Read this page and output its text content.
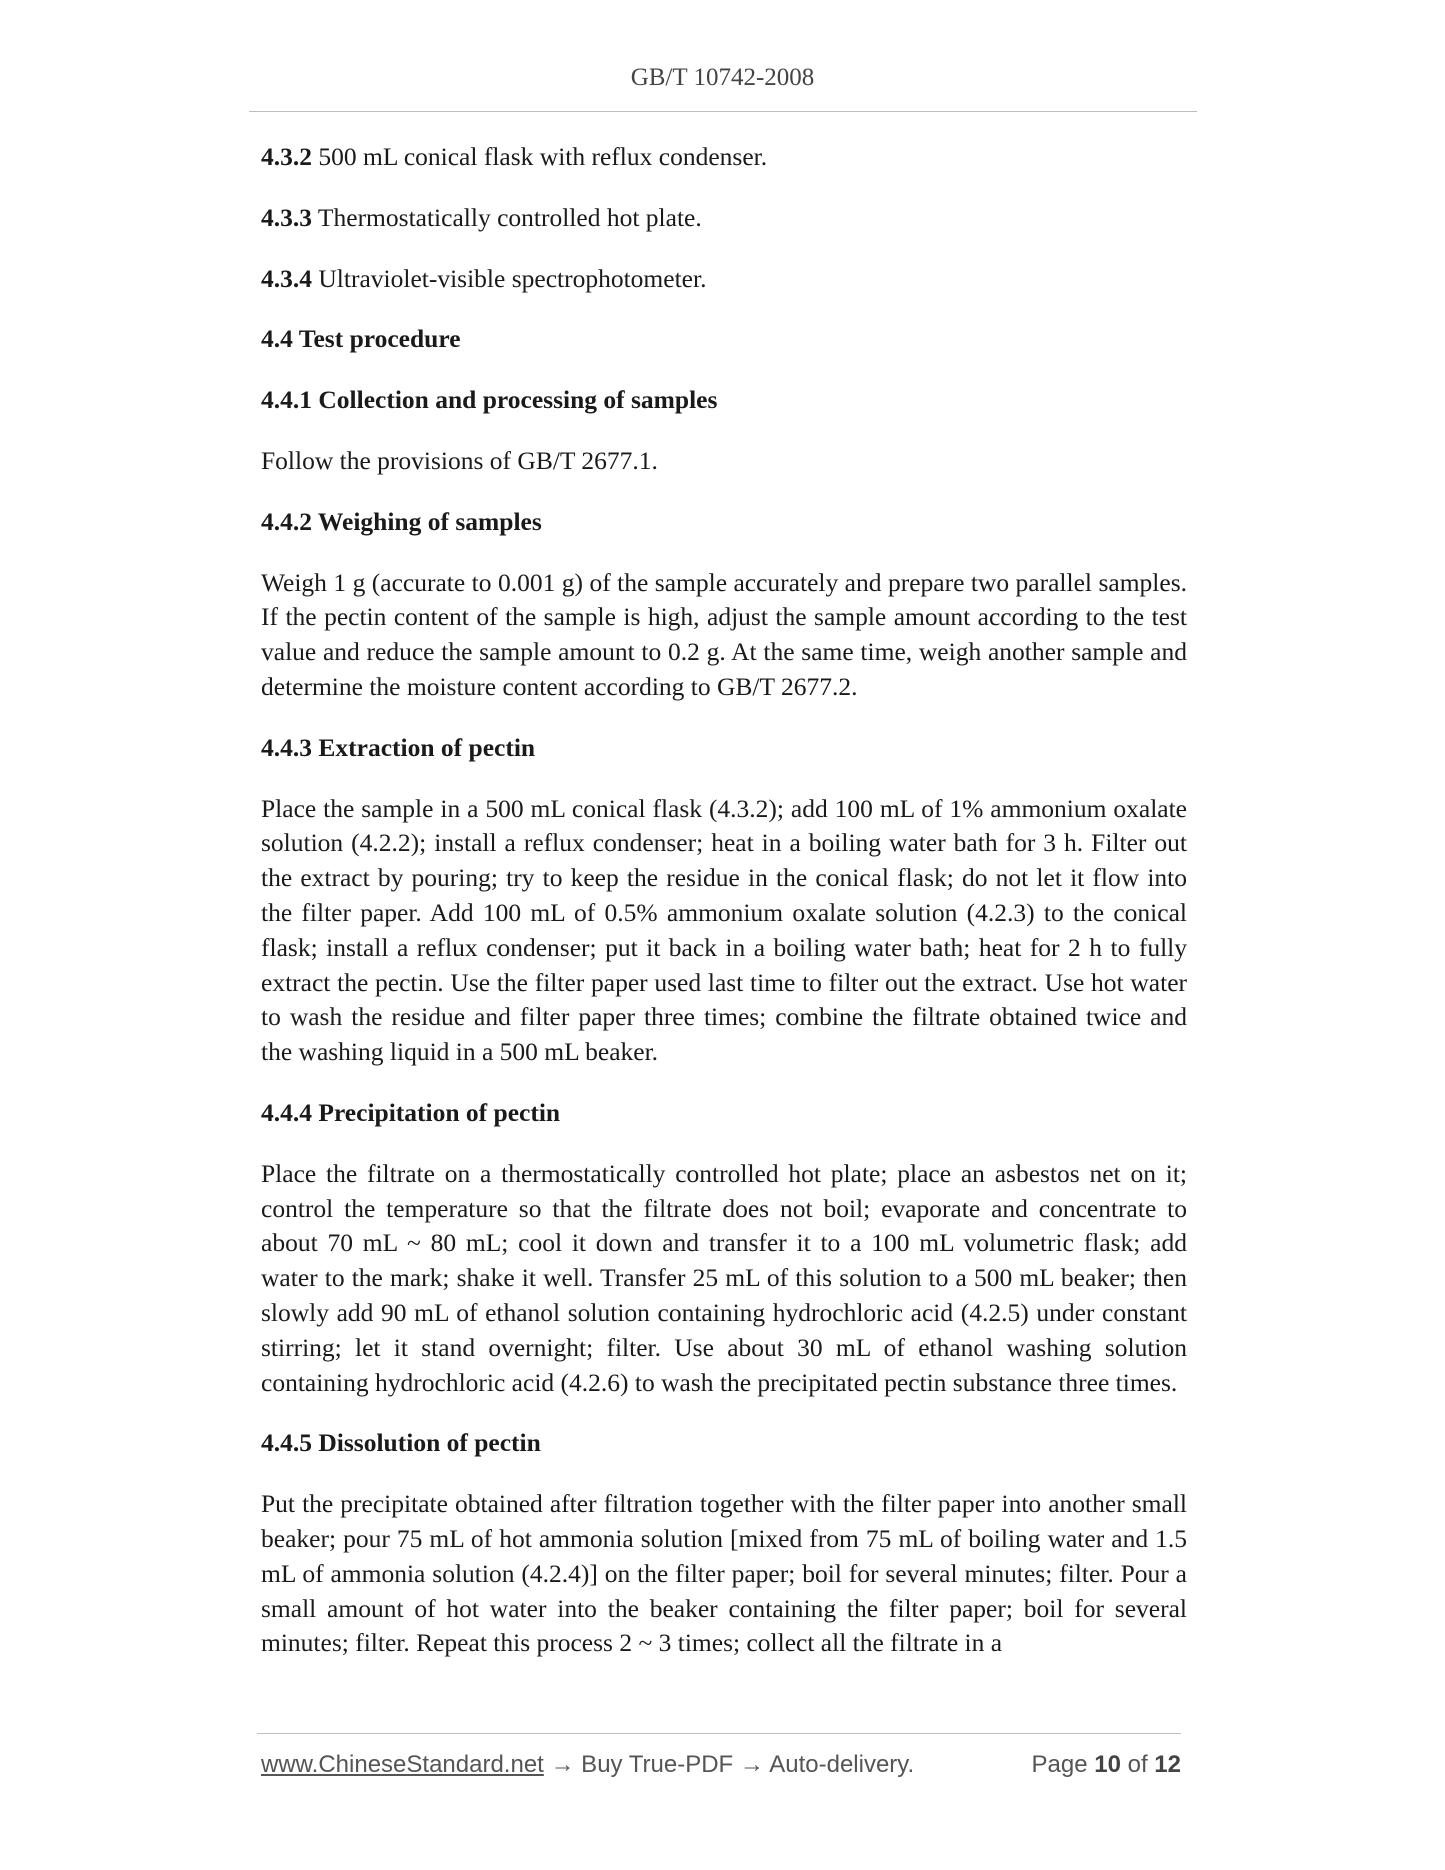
GB/T 10742-2008

4.3.2 500 mL conical flask with reflux condenser.

4.3.3 Thermostatically controlled hot plate.

4.3.4 Ultraviolet-visible spectrophotometer.

4.4 Test procedure

4.4.1 Collection and processing of samples

Follow the provisions of GB/T 2677.1.

4.4.2 Weighing of samples

Weigh 1 g (accurate to 0.001 g) of the sample accurately and prepare two parallel samples. If the pectin content of the sample is high, adjust the sample amount according to the test value and reduce the sample amount to 0.2 g. At the same time, weigh another sample and determine the moisture content according to GB/T 2677.2.

4.4.3 Extraction of pectin

Place the sample in a 500 mL conical flask (4.3.2); add 100 mL of 1% ammonium oxalate solution (4.2.2); install a reflux condenser; heat in a boiling water bath for 3 h. Filter out the extract by pouring; try to keep the residue in the conical flask; do not let it flow into the filter paper. Add 100 mL of 0.5% ammonium oxalate solution (4.2.3) to the conical flask; install a reflux condenser; put it back in a boiling water bath; heat for 2 h to fully extract the pectin. Use the filter paper used last time to filter out the extract. Use hot water to wash the residue and filter paper three times; combine the filtrate obtained twice and the washing liquid in a 500 mL beaker.

4.4.4 Precipitation of pectin

Place the filtrate on a thermostatically controlled hot plate; place an asbestos net on it; control the temperature so that the filtrate does not boil; evaporate and concentrate to about 70 mL ~ 80 mL; cool it down and transfer it to a 100 mL volumetric flask; add water to the mark; shake it well. Transfer 25 mL of this solution to a 500 mL beaker; then slowly add 90 mL of ethanol solution containing hydrochloric acid (4.2.5) under constant stirring; let it stand overnight; filter. Use about 30 mL of ethanol washing solution containing hydrochloric acid (4.2.6) to wash the precipitated pectin substance three times.

4.4.5 Dissolution of pectin

Put the precipitate obtained after filtration together with the filter paper into another small beaker; pour 75 mL of hot ammonia solution [mixed from 75 mL of boiling water and 1.5 mL of ammonia solution (4.2.4)] on the filter paper; boil for several minutes; filter. Pour a small amount of hot water into the beaker containing the filter paper; boil for several minutes; filter. Repeat this process 2 ~ 3 times; collect all the filtrate in a

www.ChineseStandard.net → Buy True-PDF → Auto-delivery.	Page 10 of 12
